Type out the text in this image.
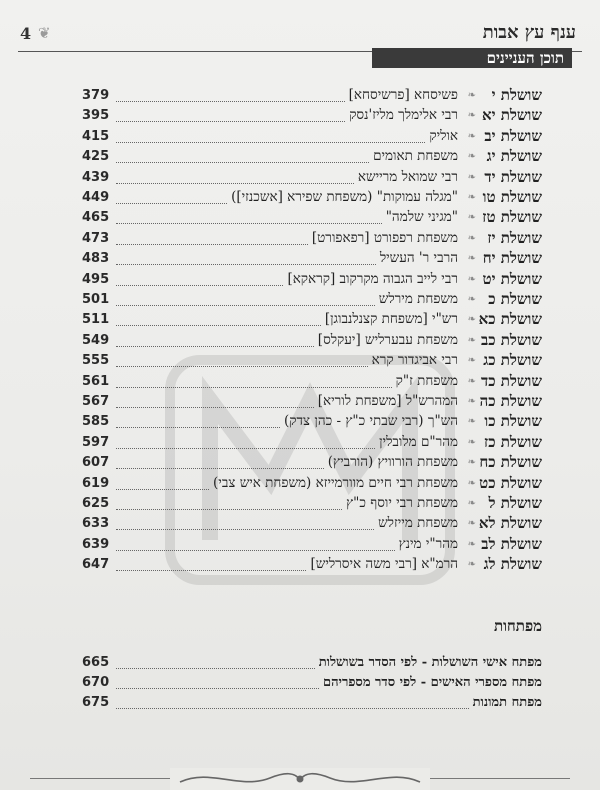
4 ❦	ענף עץ אבות
תוכן העניינים
379	פשיסחא [פרשיסחא] ❧ שושלת י
395	רבי אלימלך מליז'נסק ❧ שושלת יא
415	אוליק ❧ שושלת יב
425	משפחת תאומים ❧ שושלת יג
439	רבי שמואל מריישא ❧ שושלת יד
449	"מגלה עמוקות" (משפחת שפירא [אשכנזי]) ❧ שושלת טו
465	"מגיני שלמה" ❧ שושלת טז
473	משפחת רפפורט [רפאפורט] ❧ שושלת יז
483	הרבי ר' העשיל ❧ שושלת יח
495	רבי לייב הגבוה מקרקוב [קראקא] ❧ שושלת יט
501	משפחת מירלש ❧ שושלת כ
511	רש"י [משפחת קצנלנבוגן] ❧ שושלת כא
549	משפחת עבערליש [יעקלס] ❧ שושלת כב
555	רבי אביגדור קרא ❧ שושלת כג
561	משפחת ז"ק ❧ שושלת כד
567	המהרש"ל [משפחת לוריא] ❧ שושלת כה
585	הש"ך (רבי שבתי כ"ץ - כהן צדק) ❧ שושלת כו
597	מהר"ם מלובלין ❧ שושלת כז
607	משפחת הורוויץ (הורביץ) ❧ שושלת כח
619	משפחת רבי חיים מוורמייזא (משפחת איש צבי) ❧ שושלת כט
625	משפחת רבי יוסף כ"ץ ❧ שושלת ל
633	משפחת מייזלש ❧ שושלת לא
639	מהר"י מינץ ❧ שושלת לב
647	הרמ"א [רבי משה איסרליש] ❧ שושלת לג
מפתחות
665	מפתח אישי השושלות - לפי הסדר בשושלות
670	מפתח מספרי האישים - לפי סדר מספריהם
675	מפתח תמונות
